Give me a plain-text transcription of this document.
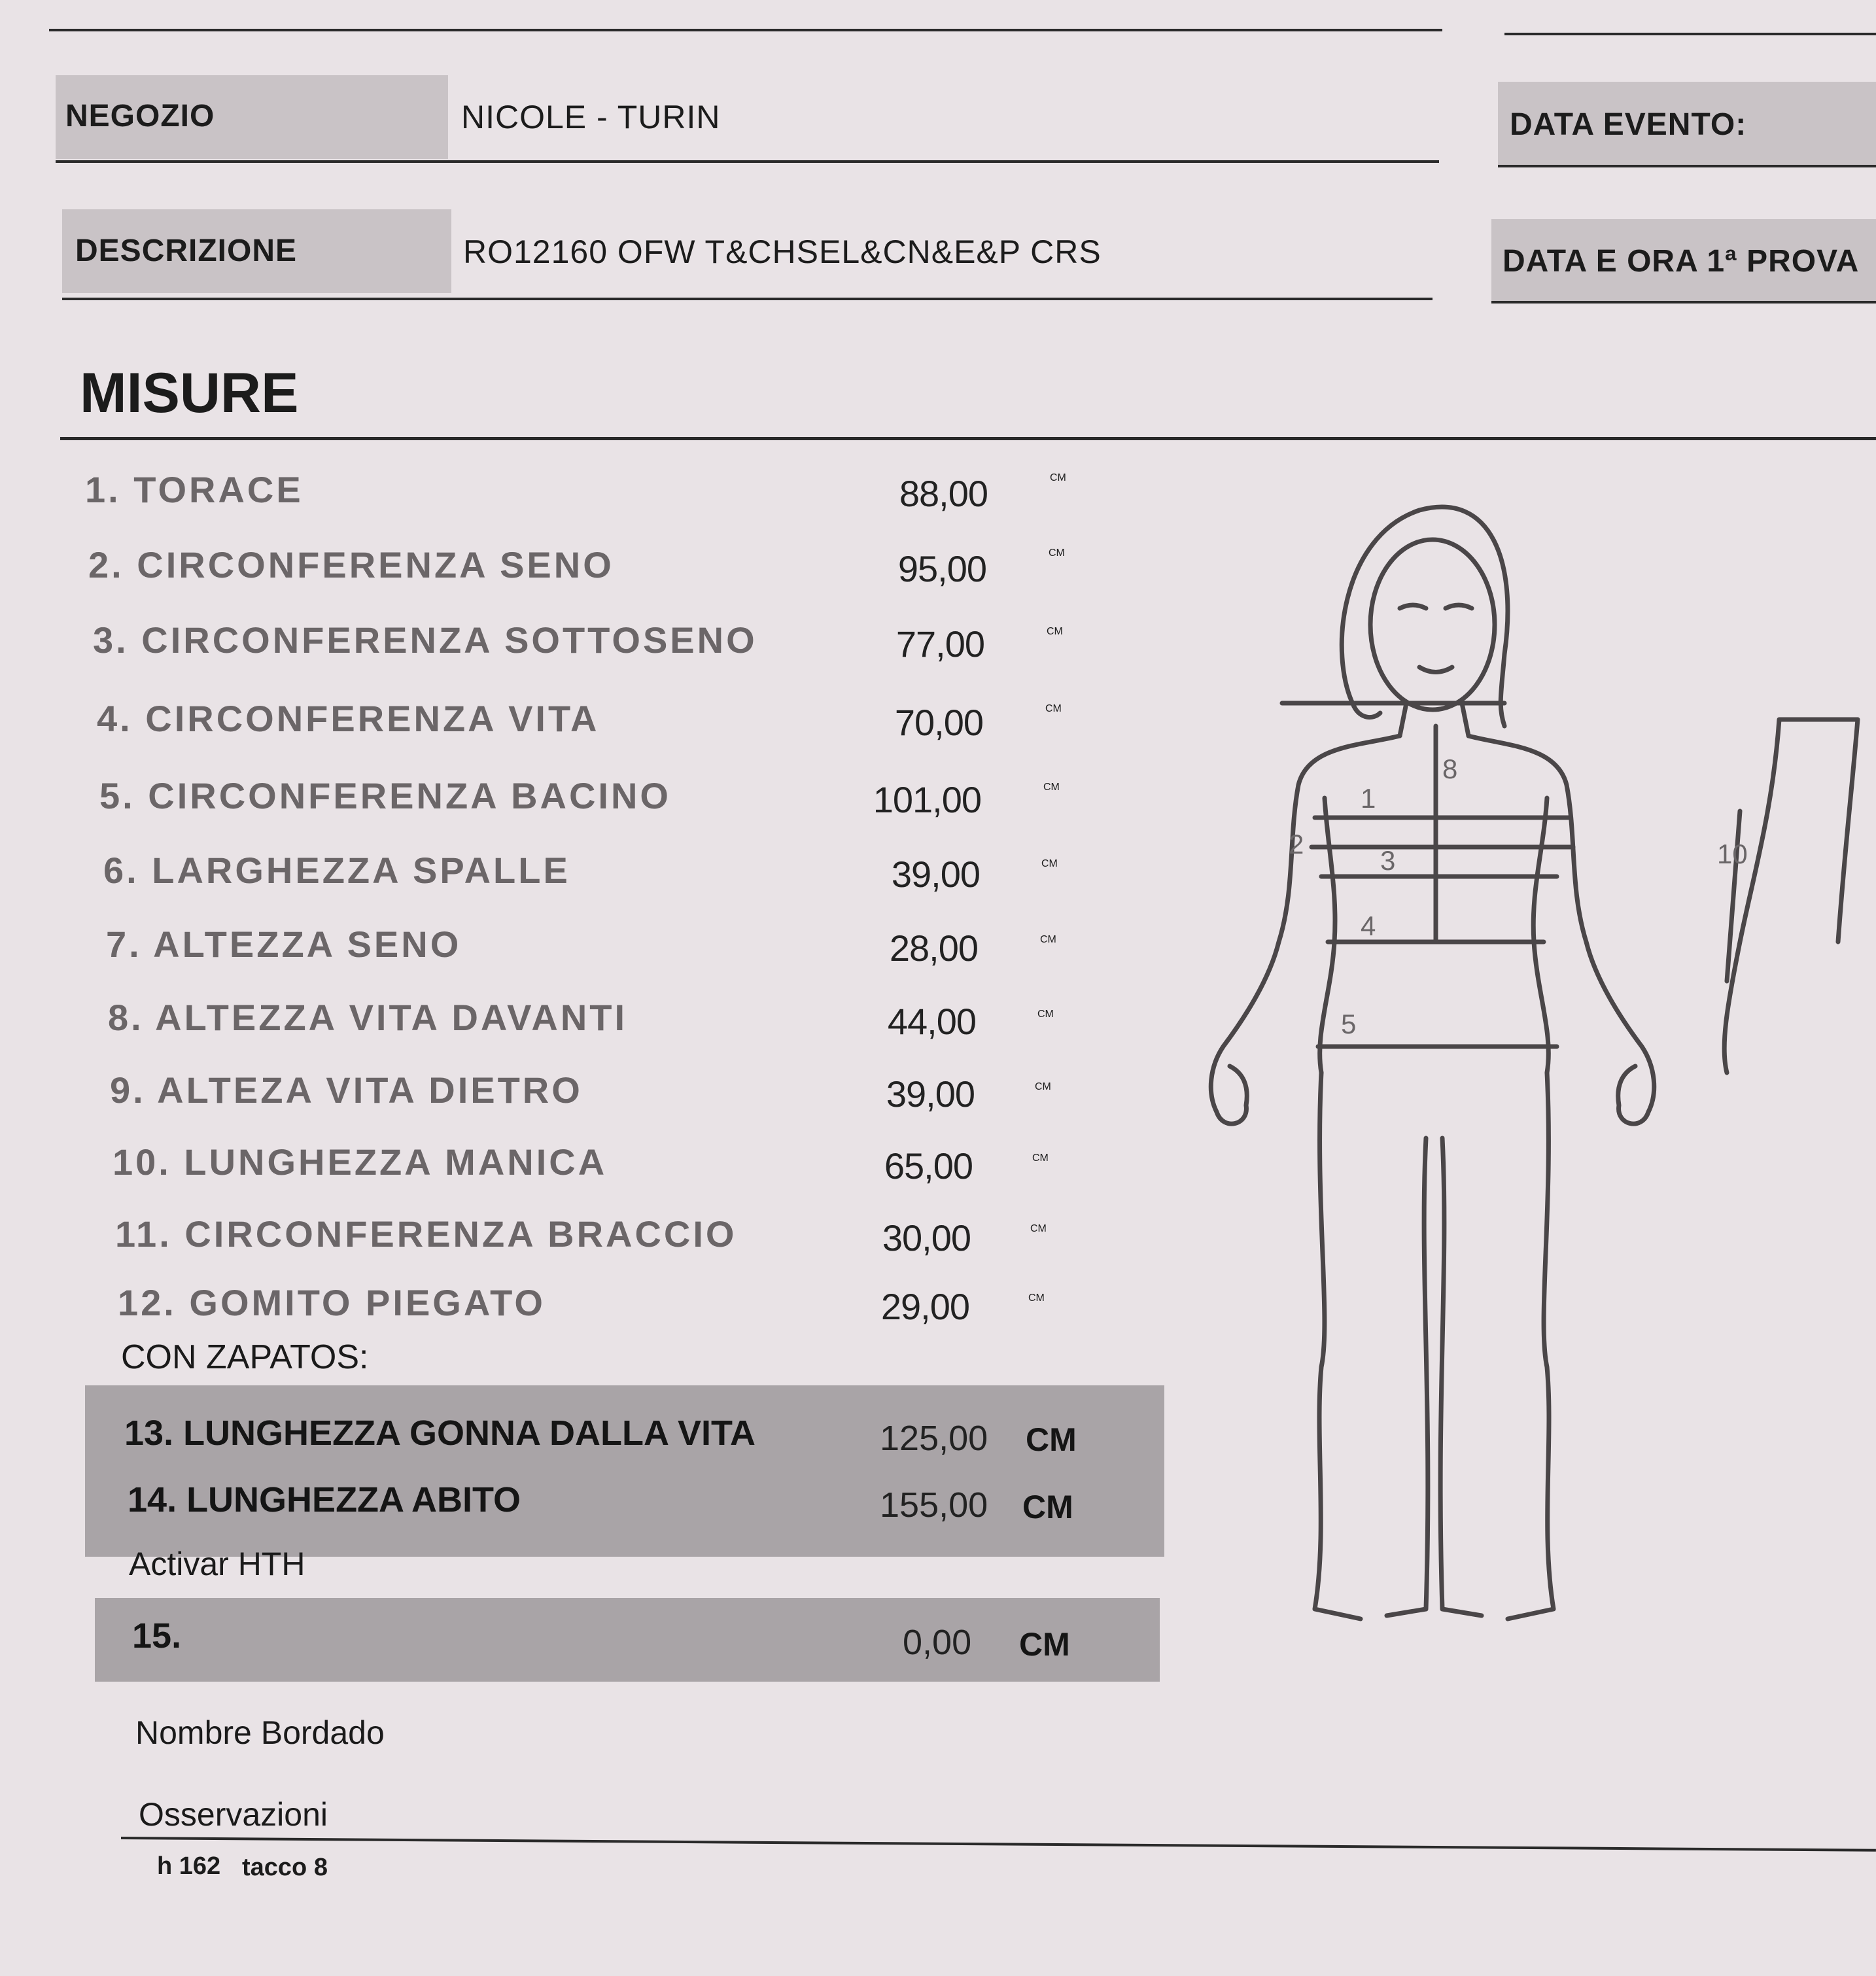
NEGOZIO	NICOLE - TURIN	DATA EVENTO:
DESCRIZIONE	RO12160 OFW T&CHSEL&CN&E&P CRS	DATA E ORA 1ª PROVA
MISURE
1. TORACE	88,00	CM
2. CIRCONFERENZA SENO	95,00	CM
3. CIRCONFERENZA SOTTOSENO	77,00	CM
4. CIRCONFERENZA VITA	70,00	CM
5. CIRCONFERENZA BACINO	101,00	CM
6. LARGHEZZA SPALLE	39,00	CM
7. ALTEZZA SENO	28,00	CM
8. ALTEZZA VITA DAVANTI	44,00	CM
9. ALTEZA VITA DIETRO	39,00	CM
10. LUNGHEZZA MANICA	65,00	CM
11. CIRCONFERENZA BRACCIO	30,00	CM
12. GOMITO PIEGATO	29,00	CM
CON ZAPATOS:
13. LUNGHEZZA GONNA DALLA VITA	125,00 CM
14. LUNGHEZZA ABITO	155,00 CM
Activar HTH
15.	0,00 CM
Nombre Bordado
Osservazioni
h 162 tacco 8
1
2
3
4
5
8
10
